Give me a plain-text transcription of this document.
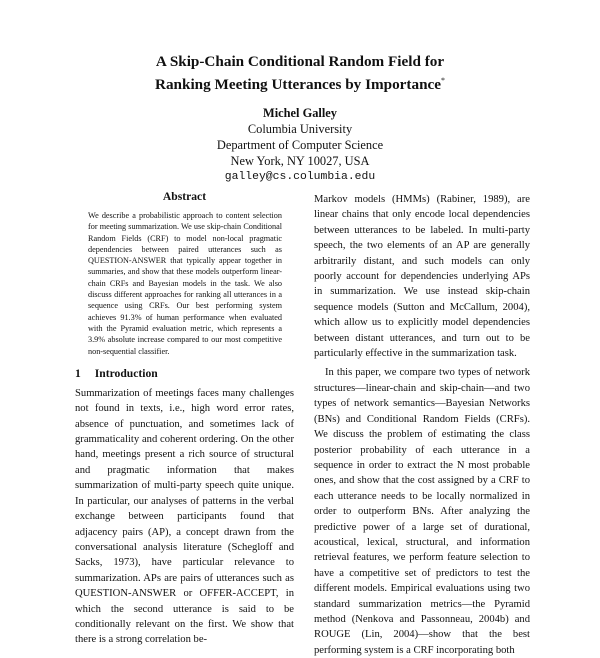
A Skip-Chain Conditional Random Field for
Ranking Meeting Utterances by Importance*
Michel Galley
Columbia University
Department of Computer Science
New York, NY 10027, USA
galley@cs.columbia.edu
Abstract

We describe a probabilistic approach to content selection for meeting summarization. We use skip-chain Conditional Random Fields (CRF) to model non-local pragmatic dependencies between paired utterances such as QUESTION-ANSWER that typically appear together in summaries, and show that these models outperform linear-chain CRFs and Bayesian models in the task. We also discuss different approaches for ranking all utterances in a sequence using CRFs. Our best performing system achieves 91.3% of human performance when evaluated with the Pyramid evaluation metric, which represents a 3.9% absolute increase compared to our most competitive non-sequential classifier.

1 Introduction

Summarization of meetings faces many challenges not found in texts, i.e., high word error rates, absence of punctuation, and sometimes lack of grammaticality and coherent ordering. On the other hand, meetings present a rich source of structural and pragmatic information that makes summarization of multi-party speech quite unique. In particular, our analyses of patterns in the verbal exchange between participants found that adjacency pairs (AP), a concept drawn from the conversational analysis literature (Schegloff and Sacks, 1973), have particular relevance to summarization. APs are pairs of utterances such as QUESTION-ANSWER or OFFER-ACCEPT, in which the second utterance is said to be conditionally relevant on the first. We show that there is a strong correlation be-

Markov models (HMMs) (Rabiner, 1989), are linear chains that only encode local dependencies between utterances to be labeled. In multi-party speech, the two elements of an AP are generally arbitrarily distant, and such models can only poorly account for dependencies underlying APs in summarization. We use instead skip-chain sequence models (Sutton and McCallum, 2004), which allow us to explicitly model dependencies between distant utterances, and turn out to be particularly effective in the summarization task.

In this paper, we compare two types of network structures—linear-chain and skip-chain—and two types of network semantics—Bayesian Networks (BNs) and Conditional Random Fields (CRFs). We discuss the problem of estimating the class posterior probability of each utterance in a sequence in order to extract the N most probable ones, and show that the cost assigned by a CRF to each utterance needs to be locally normalized in order to outperform BNs. After analyzing the predictive power of a large set of durational, acoustical, lexical, structural, and information retrieval features, we perform feature selection to have a competitive set of predictors to test the different models. Empirical evaluations using two standard summarization metrics—the Pyramid method (Nenkova and Passonneau, 2004b) and ROUGE (Lin, 2004)—show that the best performing system is a CRF incorporating both
